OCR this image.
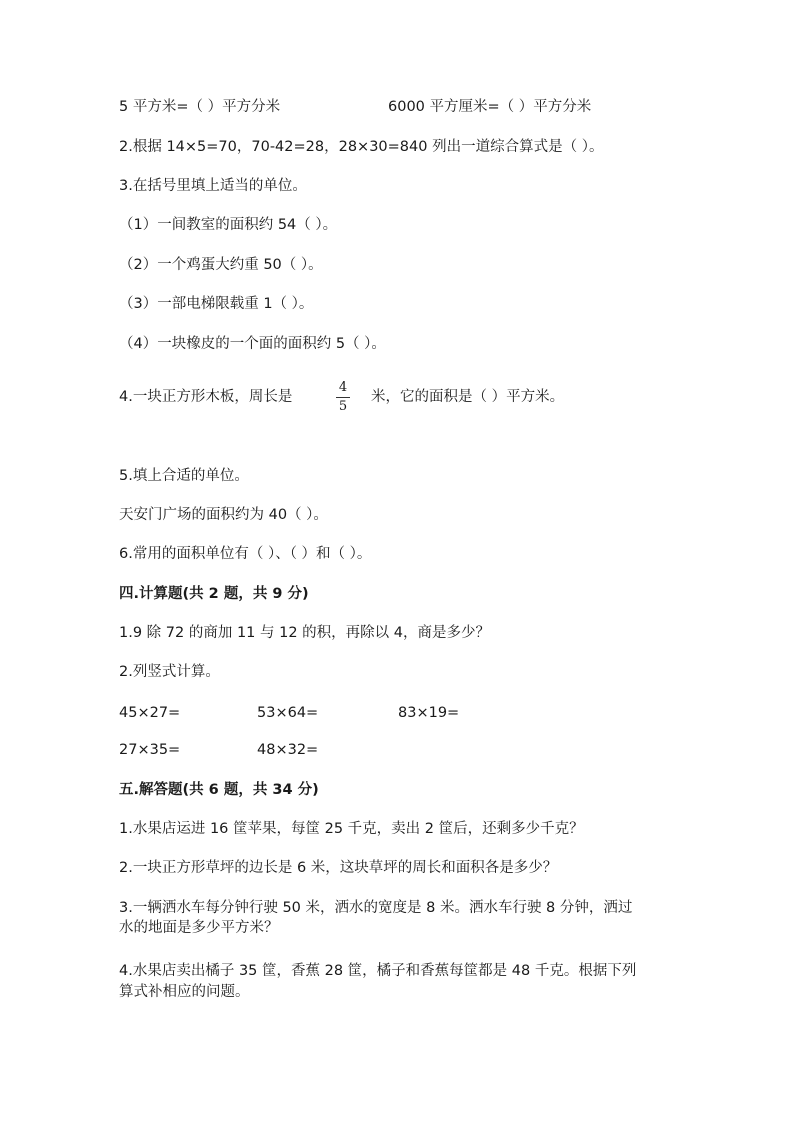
5 平方米=（ ）平方分米	6000 平方厘米=（ ）平方分米
2.根据 14×5=70，70-42=28，28×30=840 列出一道综合算式是（ ）。
3.在括号里填上适当的单位。
（1）一间教室的面积约 54（ ）。
（2）一个鸡蛋大约重 50（ ）。
（3）一部电梯限载重 1（ ）。
（4）一块橡皮的一个面的面积约 5（ ）。
4.一块正方形木板，周长是
4
5
米，它的面积是（ ）平方米。
5.填上合适的单位。
天安门广场的面积约为 40（ ）。
6.常用的面积单位有（ ）、（ ）和（ ）。
四.计算题(共 2 题，共 9 分)
1.9 除 72 的商加 11 与 12 的积，再除以 4，商是多少？
2.列竖式计算。
45×27=	53×64=	83×19=
27×35=	48×32=
五.解答题(共 6 题，共 34 分)
1.水果店运进 16 筐苹果，每筐 25 千克，卖出 2 筐后，还剩多少千克？
2.一块正方形草坪的边长是 6 米，这块草坪的周长和面积各是多少？
3.一辆洒水车每分钟行驶 50 米，洒水的宽度是 8 米。洒水车行驶 8 分钟，洒过
水的地面是多少平方米？
4.水果店卖出橘子 35 筐，香蕉 28 筐，橘子和香蕉每筐都是 48 千克。根据下列
算式补相应的问题。
